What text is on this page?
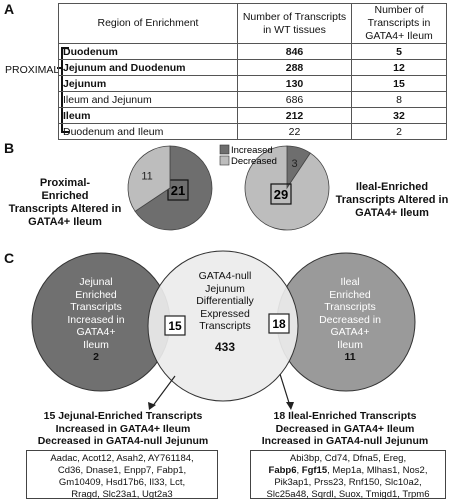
A
B
C
PROXIMAL
Region of Enrichment	Number of Transcripts in WT tissues	Number of Transcripts in GATA4+ Ileum
Duodenum	846	5
Jejunum and Duodenum	288	12
Jejunum	130	15
Ileum and Jejunum	686	8
Ileum	212	32
Duodenum and Ileum	22	2
21
11
3
29
Increased
Decreased
Proximal-
Enriched
Transcripts Altered in
GATA4+ Ileum
Ileal-Enriched
Transcripts Altered in
GATA4+ Ileum
15	18
Jejunal
Enriched
Transcripts
Increased in
GATA4+
Ileum
2
GATA4-null
Jejunum
Differentially
Expressed
Transcripts
433
Ileal
Enriched
Transcripts
Decreased in
GATA4+
Ileum
11
15 Jejunal-Enriched Transcripts
Increased in GATA4+ Ileum
Decreased in GATA4-null Jejunum
18 Ileal-Enriched Transcripts
Decreased in GATA4+ Ileum
Increased in GATA4-null Jejunum
Aadac, Acot12, Asah2, AY761184,
Cd36, Dnase1, Enpp7, Fabp1,
Gm10409, Hsd17b6, Il33, Lct,
Rragd, Slc23a1, Ugt2a3
Abi3bp, Cd74, Dfna5, Ereg,
Fabp6, Fgf15, Mep1a, Mlhas1, Nos2,
Pik3ap1, Prss23, Rnf150, Slc10a2,
Slc25a48, Sqrdl, Suox, Tmigd1, Trpm6
